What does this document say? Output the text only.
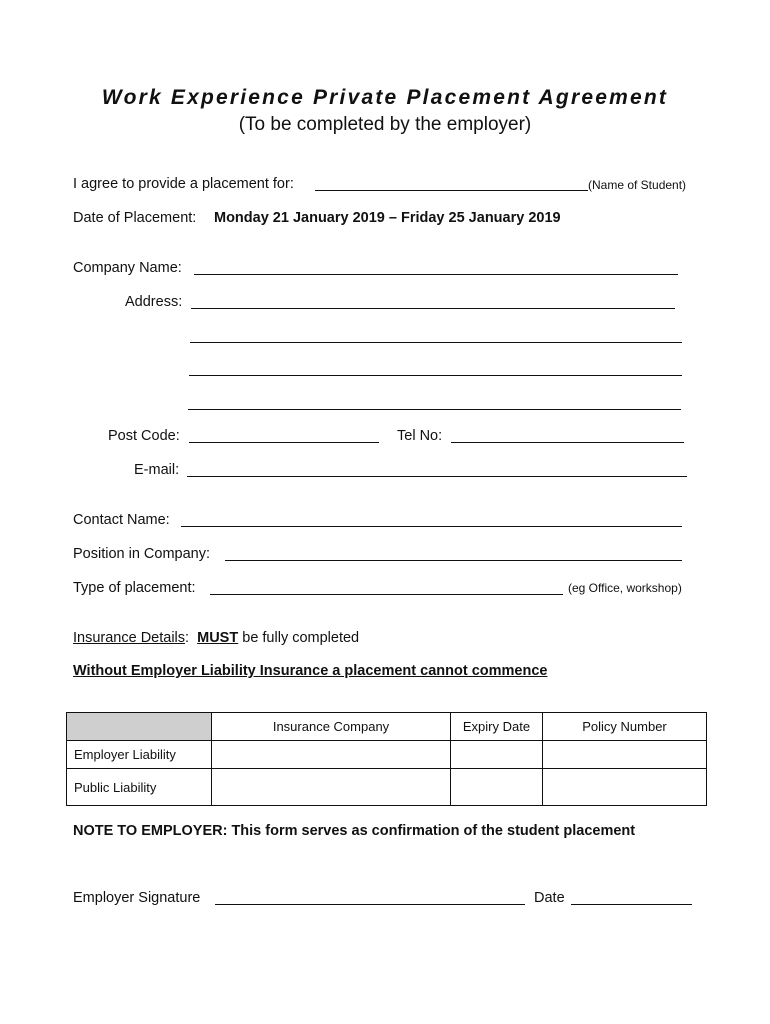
Work Experience Private Placement Agreement
(To be completed by the employer)
I agree to provide a placement for:	(Name of Student)
Date of Placement: Monday 21 January 2019 – Friday 25 January 2019
Company Name:
Address:
Post Code:	Tel No:
E-mail:
Contact Name:
Position in Company:
Type of placement:	(eg Office, workshop)
Insurance Details: MUST be fully completed
Without Employer Liability Insurance a placement cannot commence
	Insurance Company	Expiry Date	Policy Number
Employer Liability			
Public Liability			
NOTE TO EMPLOYER: This form serves as confirmation of the student placement
Employer Signature	Date
